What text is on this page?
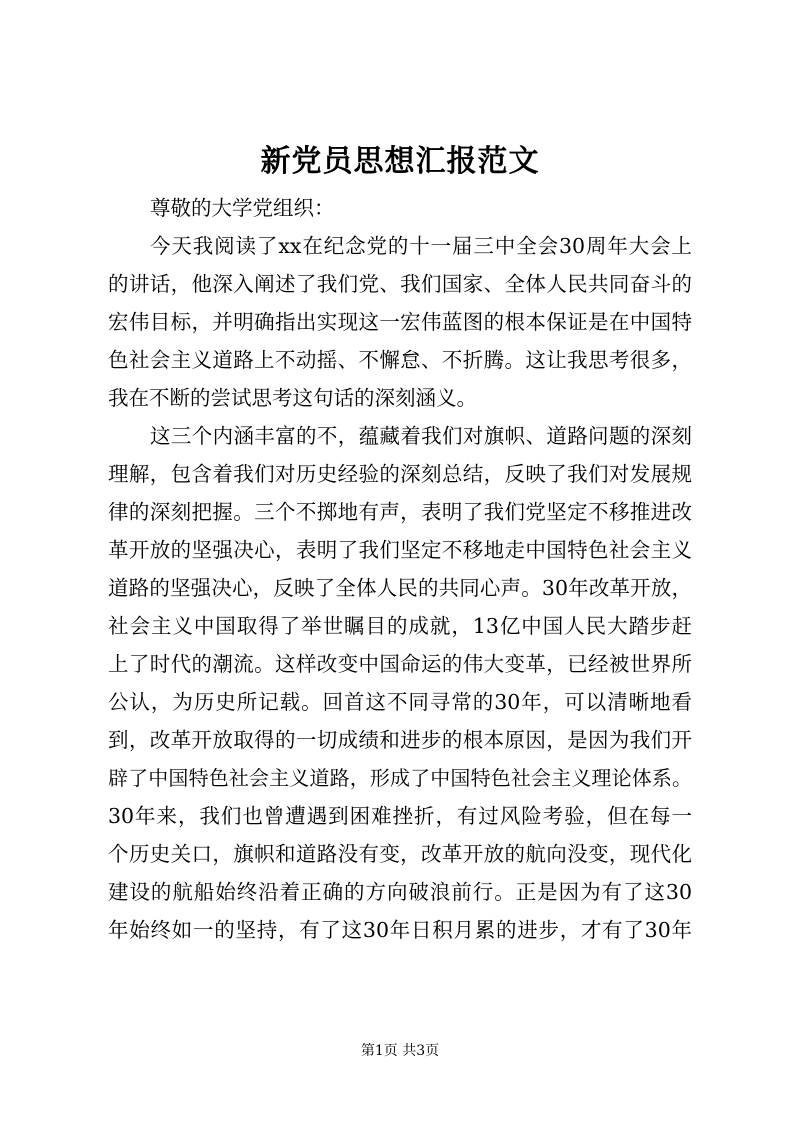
新党员思想汇报范文
尊敬的大学党组织：
今天我阅读了xx在纪念党的十一届三中全会30周年大会上
的讲话，他深入阐述了我们党、我们国家、全体人民共同奋斗的
宏伟目标，并明确指出实现这一宏伟蓝图的根本保证是在中国特
色社会主义道路上不动摇、不懈怠、不折腾。这让我思考很多，
我在不断的尝试思考这句话的深刻涵义。
这三个内涵丰富的不，蕴藏着我们对旗帜、道路问题的深刻
理解，包含着我们对历史经验的深刻总结，反映了我们对发展规
律的深刻把握。三个不掷地有声，表明了我们党坚定不移推进改
革开放的坚强决心，表明了我们坚定不移地走中国特色社会主义
道路的坚强决心，反映了全体人民的共同心声。30年改革开放，
社会主义中国取得了举世瞩目的成就，13亿中国人民大踏步赶
上了时代的潮流。这样改变中国命运的伟大变革，已经被世界所
公认，为历史所记载。回首这不同寻常的30年，可以清晰地看
到，改革开放取得的一切成绩和进步的根本原因，是因为我们开
辟了中国特色社会主义道路，形成了中国特色社会主义理论体系。
30年来，我们也曾遭遇到困难挫折，有过风险考验，但在每一
个历史关口，旗帜和道路没有变，改革开放的航向没变，现代化
建设的航船始终沿着正确的方向破浪前行。正是因为有了这30
年始终如一的坚持，有了这30年日积月累的进步，才有了30年
第1页 共3页
